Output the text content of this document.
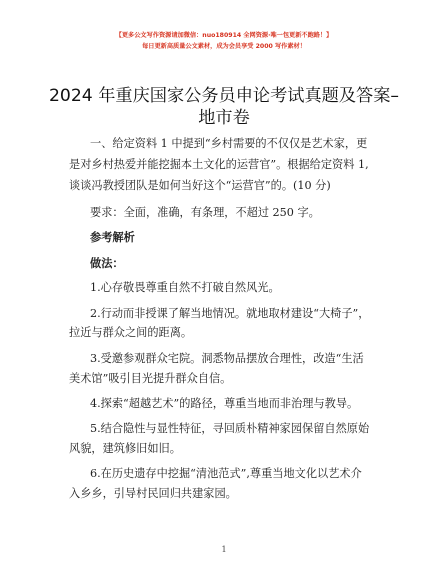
【更多公文写作资源请加微信：nuo180914 全网资源·唯一包更新不跑路！】
每日更新高质量公文素材，成为会员享受 2000 写作素材！
2024 年重庆国家公务员申论考试真题及答案–
地市卷
一、给定资料 1 中提到“乡村需要的不仅仅是艺术家，更
是对乡村热爱并能挖掘本土文化的运营官”。根据给定资料 1,
谈谈冯教授团队是如何当好这个“运营官”的。(10 分)
要求：全面，准确，有条理，不超过 250 字。
参考解析
做法：
1.心存敬畏尊重自然不打破自然风光。
2.行动而非授课了解当地情况。就地取材建设“大椅子”，
拉近与群众之间的距离。
3.受邀参观群众宅院。洞悉物品摆放合理性，改造“生活
美术馆”吸引目光提升群众自信。
4.探索“超越艺术”的路径，尊重当地而非治理与教导。
5.结合隐性与显性特征，寻回质朴精神家园保留自然原始
风貌，建筑修旧如旧。
6.在历史遗存中挖掘“清池范式”,尊重当地文化以艺术介
入乡乡，引导村民回归共建家园。
1
